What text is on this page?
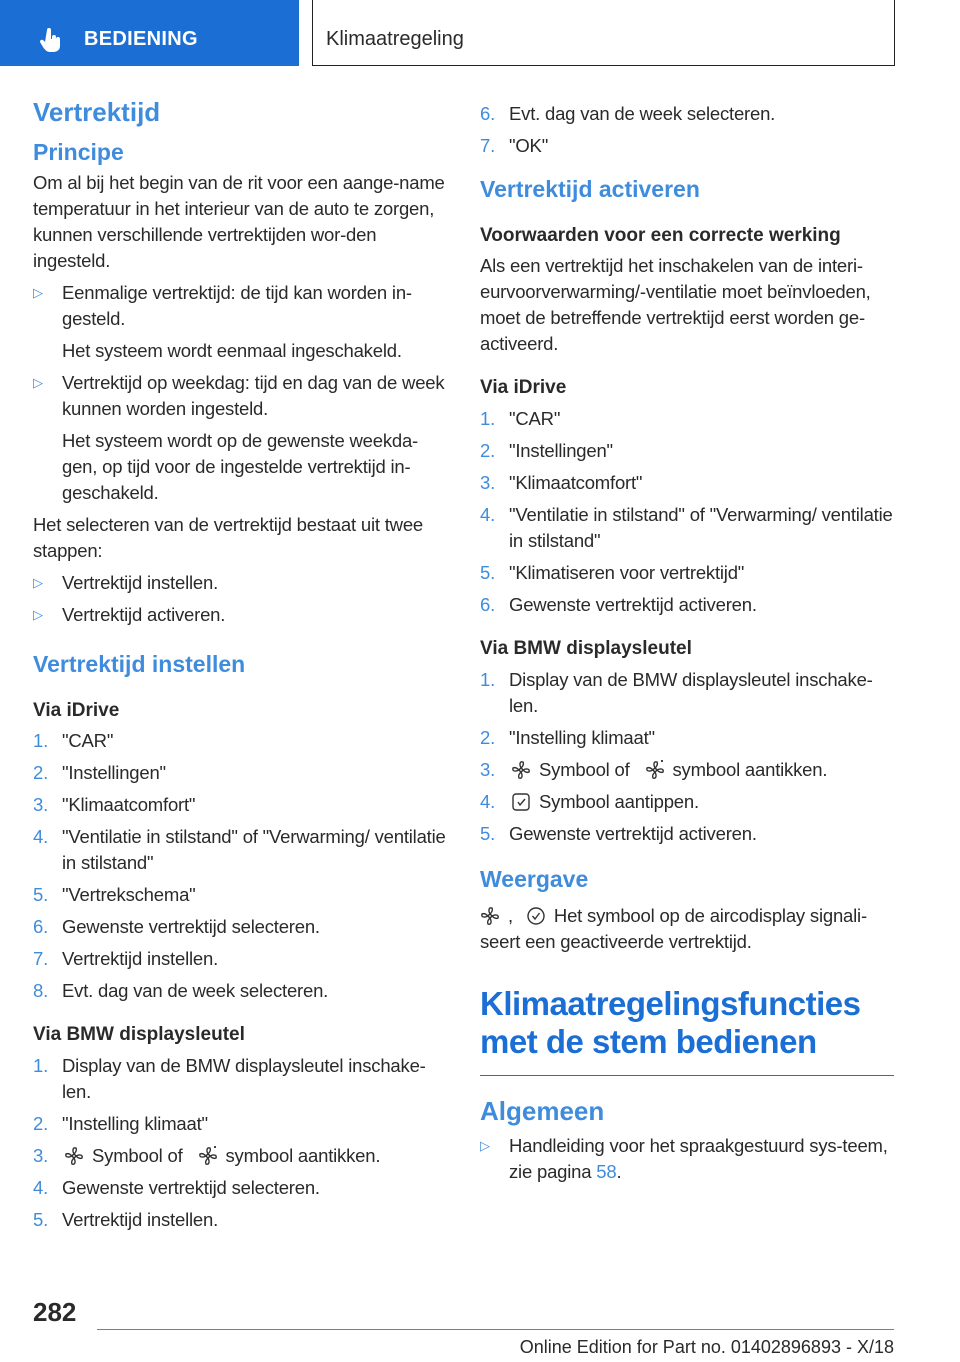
BEDIENING	Klimaatregeling
Vertrektijd
Principe
Om al bij het begin van de rit voor een aange-name temperatuur in het interieur van de auto te zorgen, kunnen verschillende vertrektijden wor-den ingesteld.
▷ Eenmalige vertrektijd: de tijd kan worden in-gesteld.
Het systeem wordt eenmaal ingeschakeld.
▷ Vertrektijd op weekdag: tijd en dag van de week kunnen worden ingesteld.
Het systeem wordt op de gewenste weekda-gen, op tijd voor de ingestelde vertrektijd in-geschakeld.
Het selecteren van de vertrektijd bestaat uit twee stappen:
▷ Vertrektijd instellen.
▷ Vertrektijd activeren.
Vertrektijd instellen
Via iDrive
1. "CAR"
2. "Instellingen"
3. "Klimaatcomfort"
4. "Ventilatie in stilstand" of "Verwarming/ ventilatie in stilstand"
5. "Vertrekschema"
6. Gewenste vertrektijd selecteren.
7. Vertrektijd instellen.
8. Evt. dag van de week selecteren.
Via BMW displaysleutel
1. Display van de BMW displaysleutel inschake-len.
2. "Instelling klimaat"
3. Symbool of symbool aantikken.
4. Gewenste vertrektijd selecteren.
5. Vertrektijd instellen.
6. Evt. dag van de week selecteren.
7. "OK"
Vertrektijd activeren
Voorwaarden voor een correcte werking
Als een vertrektijd het inschakelen van de interi-eurvoorverwarming/-ventilatie moet beïnvloeden, moet de betreffende vertrektijd eerst worden ge-activeerd.
Via iDrive
1. "CAR"
2. "Instellingen"
3. "Klimaatcomfort"
4. "Ventilatie in stilstand" of "Verwarming/ ventilatie in stilstand"
5. "Klimatiseren voor vertrektijd"
6. Gewenste vertrektijd activeren.
Via BMW displaysleutel
1. Display van de BMW displaysleutel inschake-len.
2. "Instelling klimaat"
3. Symbool of symbool aantikken.
4. Symbool aantippen.
5. Gewenste vertrektijd activeren.
Weergave
, Het symbool op de aircodisplay signali-seert een geactiveerde vertrektijd.
Klimaatregelingsfuncties
met de stem bedienen
Algemeen
▷ Handleiding voor het spraakgestuurd sys-teem, zie pagina 58.
282
Online Edition for Part no. 01402896893 - X/18
